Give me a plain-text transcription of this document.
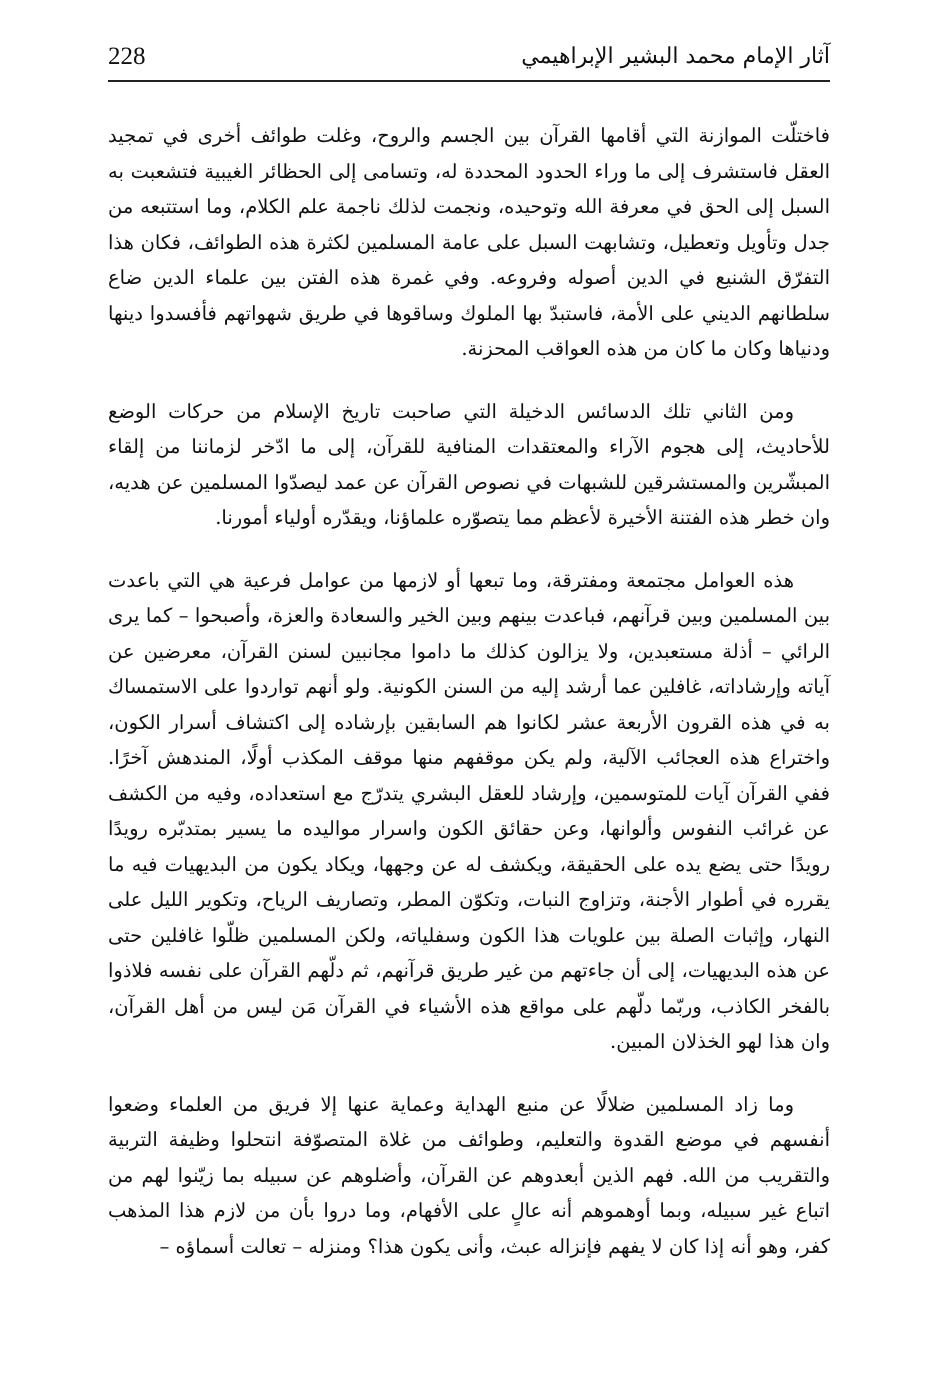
228	آثار الإمام محمد البشير الإبراهيمي

فاختلّت الموازنة التي أقامها القرآن بين الجسم والروح، وغلت طوائف أخرى في تمجيد العقل فاستشرف إلى ما وراء الحدود المحددة له، وتسامى إلى الحظائر الغيبية فتشعبت به السبل إلى الحق في معرفة الله وتوحيده، ونجمت لذلك ناجمة علم الكلام، وما استتبعه من جدل وتأويل وتعطيل، وتشابهت السبل على عامة المسلمين لكثرة هذه الطوائف، فكان هذا التفرّق الشنيع في الدين أصوله وفروعه. وفي غمرة هذه الفتن بين علماء الدين ضاع سلطانهم الديني على الأمة، فاستبدّ بها الملوك وساقوها في طريق شهواتهم فأفسدوا دينها ودنياها وكان ما كان من هذه العواقب المحزنة.

ومن الثاني تلك الدسائس الدخيلة التي صاحبت تاريخ الإسلام من حركات الوضع للأحاديث، إلى هجوم الآراء والمعتقدات المنافية للقرآن، إلى ما ادّخر لزماننا من إلقاء المبشّرين والمستشرقين للشبهات في نصوص القرآن عن عمد ليصدّوا المسلمين عن هديه، وان خطر هذه الفتنة الأخيرة لأعظم مما يتصوّره علماؤنا، ويقدّره أولياء أمورنا.

هذه العوامل مجتمعة ومفترقة، وما تبعها أو لازمها من عوامل فرعية هي التي باعدت بين المسلمين وبين قرآنهم، فباعدت بينهم وبين الخير والسعادة والعزة، وأصبحوا – كما يرى الرائي – أذلة مستعبدين، ولا يزالون كذلك ما داموا مجانبين لسنن القرآن، معرضين عن آياته وإرشاداته، غافلين عما أرشد إليه من السنن الكونية. ولو أنهم تواردوا على الاستمساك به في هذه القرون الأربعة عشر لكانوا هم السابقين بإرشاده إلى اكتشاف أسرار الكون، واختراع هذه العجائب الآلية، ولم يكن موقفهم منها موقف المكذب أولًا، المندهش آخرًا. ففي القرآن آيات للمتوسمين، وإرشاد للعقل البشري يتدرّج مع استعداده، وفيه من الكشف عن غرائب النفوس وألوانها، وعن حقائق الكون واسرار مواليده ما يسير بمتدبّره رويدًا رويدًا حتى يضع يده على الحقيقة، ويكشف له عن وجهها، ويكاد يكون من البديهيات فيه ما يقرره في أطوار الأجنة، وتزاوج النبات، وتكوّن المطر، وتصاريف الرياح، وتكوير الليل على النهار، وإثبات الصلة بين علويات هذا الكون وسفلياته، ولكن المسلمين ظلّوا غافلين حتى عن هذه البديهيات، إلى أن جاءتهم من غير طريق قرآنهم، ثم دلّهم القرآن على نفسه فلاذوا بالفخر الكاذب، وربّما دلّهم على مواقع هذه الأشياء في القرآن مَن ليس من أهل القرآن، وان هذا لهو الخذلان المبين.

وما زاد المسلمين ضلالًا عن منبع الهداية وعماية عنها إلا فريق من العلماء وضعوا أنفسهم في موضع القدوة والتعليم، وطوائف من غلاة المتصوّفة انتحلوا وظيفة التربية والتقريب من الله. فهم الذين أبعدوهم عن القرآن، وأضلوهم عن سبيله بما زيّنوا لهم من اتباع غير سبيله، وبما أوهموهم أنه عالٍ على الأفهام، وما دروا بأن من لازم هذا المذهب كفر، وهو أنه إذا كان لا يفهم فإنزاله عبث، وأنى يكون هذا؟ ومنزله – تعالت أسماؤه –
